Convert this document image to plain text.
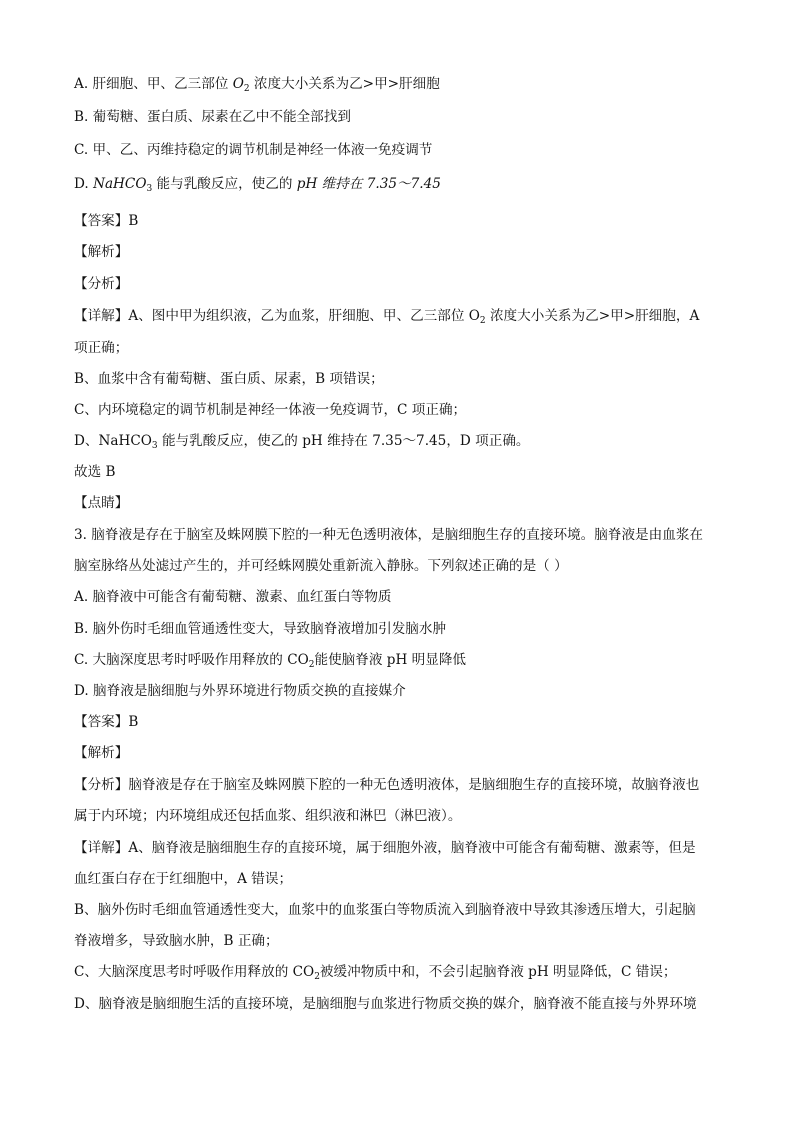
A. 肝细胞、甲、乙三部位 $O_2$ 浓度大小关系为乙>甲>肝细胞

B. 葡萄糖、蛋白质、尿素在乙中不能全部找到

C. 甲、乙、丙维持稳定的调节机制是神经一体液一免疫调节

D. NaHCO$_3$ 能与乳酸反应，使乙的 pH 维持在 7.35～7.45

【答案】B

【解析】

【分析】

【详解】A、图中甲为组织液，乙为血浆，肝细胞、甲、乙三部位 $O_2$ 浓度大小关系为乙>甲>肝细胞，A

项正确；

B、血浆中含有葡萄糖、蛋白质、尿素，B 项错误；

C、内环境稳定的调节机制是神经一体液一免疫调节，C 项正确；

D、NaHCO$_3$ 能与乳酸反应，使乙的 pH 维持在 7.35～7.45，D 项正确。

故选 B

【点睛】

3. 脑脊液是存在于脑室及蛛网膜下腔的一种无色透明液体，是脑细胞生存的直接环境。脑脊液是由血浆在

脑室脉络丛处滤过产生的，并可经蛛网膜处重新流入静脉。下列叙述正确的是（ ）

A. 脑脊液中可能含有葡萄糖、激素、血红蛋白等物质

B. 脑外伤时毛细血管通透性变大，导致脑脊液增加引发脑水肿

C. 大脑深度思考时呼吸作用释放的 $CO_2$能使脑脊液 pH 明显降低

D. 脑脊液是脑细胞与外界环境进行物质交换的直接媒介

【答案】B

【解析】

【分析】脑脊液是存在于脑室及蛛网膜下腔的一种无色透明液体，是脑细胞生存的直接环境，故脑脊液也

属于内环境；内环境组成还包括血浆、组织液和淋巴（淋巴液）。

【详解】A、脑脊液是脑细胞生存的直接环境，属于细胞外液，脑脊液中可能含有葡萄糖、激素等，但是

血红蛋白存在于红细胞中，A 错误；

B、脑外伤时毛细血管通透性变大，血浆中的血浆蛋白等物质流入到脑脊液中导致其渗透压增大，引起脑

脊液增多，导致脑水肿，B 正确；

C、大脑深度思考时呼吸作用释放的 $CO_2$被缓冲物质中和，不会引起脑脊液 pH 明显降低，C 错误；

D、脑脊液是脑细胞生活的直接环境，是脑细胞与血浆进行物质交换的媒介，脑脊液不能直接与外界环境
